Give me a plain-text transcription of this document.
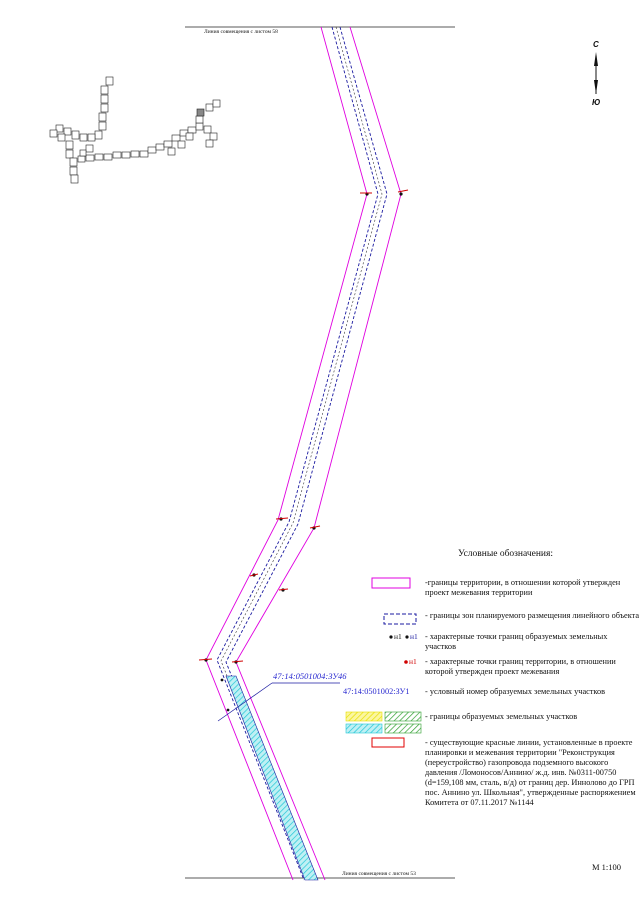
Линия совмещения с листом 58
Линия совмещения с листом 53
С
Ю
47:14:0501004:ЗУ46
Условные обозначения:
-границы территории, в отношении которой утвержден проект межевания территории
- границы зон планируемого размещения линейного объекта
н1 н1 - характерные точки границ образуемых земельных участков
н1 - характерные точки границ территории, в отношении которой утвержден проект межевания
47:14:0501002:ЗУ1 - условный номер образуемых земельных участков
- границы образуемых земельных участков
- существующие красные линии, установленные в проекте планировки и межевания территории "Реконструкция (переустройство) газопровода подземного высокого давления /Ломоносов/Аннино/ ж.д. инв. №0311-00750 (d=159,108 мм, сталь, в/д) от границ дер. Иннолово до ГРП пос. Аннино ул. Школьная", утвержденные распоряжением Комитета от 07.11.2017 №1144
М 1:100
